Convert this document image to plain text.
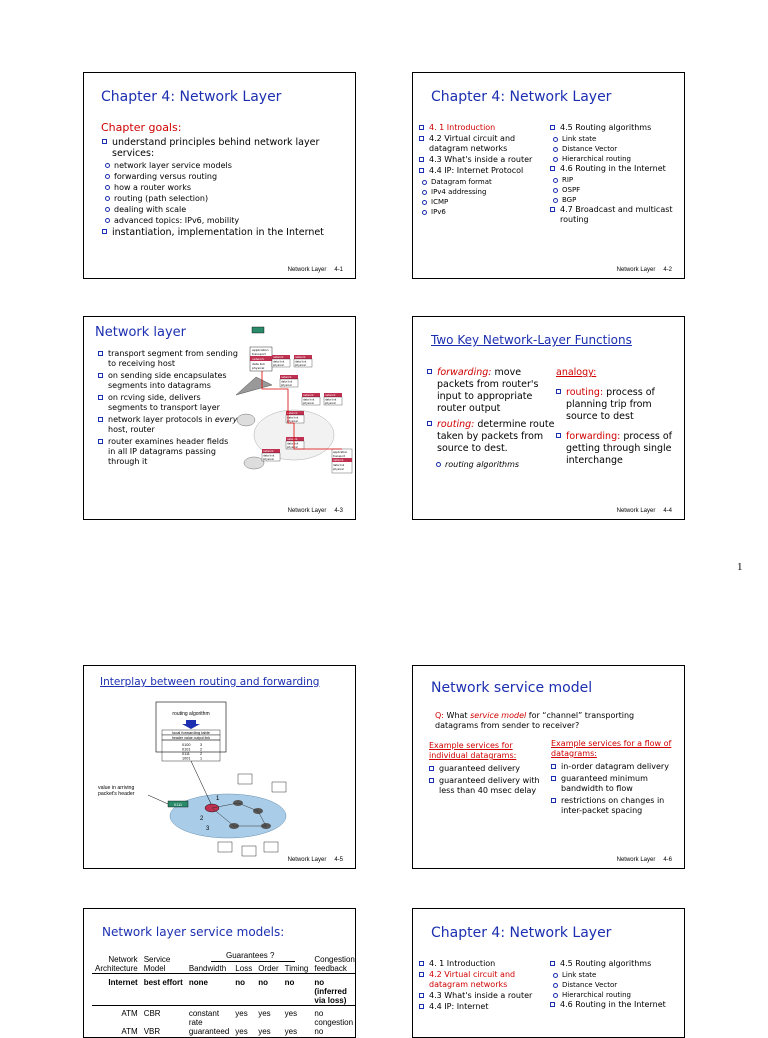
Chapter 4: Network Layer
Chapter goals:
understand principles behind network layer services:
network layer service models
forwarding versus routing
how a router works
routing (path selection)
dealing with scale
advanced topics: IPv6, mobility
instantiation, implementation in the Internet
Network Layer 4-1
Chapter 4: Network Layer
4. 1 Introduction
4.2 Virtual circuit and datagram networks
4.3 What's inside a router
4.4 IP: Internet Protocol
Datagram format
IPv4 addressing
ICMP
IPv6
4.5 Routing algorithms
Link state
Distance Vector
Hierarchical routing
4.6 Routing in the Internet
RIP
OSPF
BGP
4.7 Broadcast and multicast routing
Network Layer 4-2
Network layer
transport segment from sending to receiving host
on sending side encapsulates segments into datagrams
on rcving side, delivers segments to transport layer
network layer protocols in every host, router
router examines header fields in all IP datagrams passing through it
application
transport
network
data link
physical
network
data link
physical
network
data link
physical
network
data link
physical
network
data link
physical
network
data link
physical
network
data link
physical
network
data link
physical
network
data link
physical
application
transport
network
data link
physical
Network Layer 4-3
Two Key Network-Layer Functions
forwarding: move packets from router's input to appropriate router output
routing: determine route taken by packets from source to dest.
routing algorithms
analogy:
routing: process of planning trip from source to dest
forwarding: process of getting through single interchange
Network Layer 4-4
1
Interplay between routing and forwarding
routing algorithm
local forwarding table
header value output link
0100	3
0101	2
0111	2
1001	1
value in arriving
packet's header
0111
1
2
3
Network Layer 4-5
Network service model
Q: What service model for “channel” transporting datagrams from sender to receiver?
Example services for individual datagrams:
guaranteed delivery
guaranteed delivery with less than 40 msec delay
Example services for a flow of datagrams:
in-order datagram delivery
guaranteed minimum bandwidth to flow
restrictions on changes in inter-packet spacing
Network Layer 4-6
Network layer service models:
Guarantees ?
Network Architecture	Service Model	Bandwidth	Loss	Order	Timing	Congestion feedback

Internet	best effort	none	no	no	no	no (inferred via loss)

ATM	CBR	constant rate	yes	yes	yes	no congestion
ATM	VBR	guaranteed	yes	yes	yes	no
Chapter 4: Network Layer
4. 1 Introduction
4.2 Virtual circuit and datagram networks
4.3 What's inside a router
4.4 IP: Internet
4.5 Routing algorithms
Link state
Distance Vector
Hierarchical routing
4.6 Routing in the Internet
